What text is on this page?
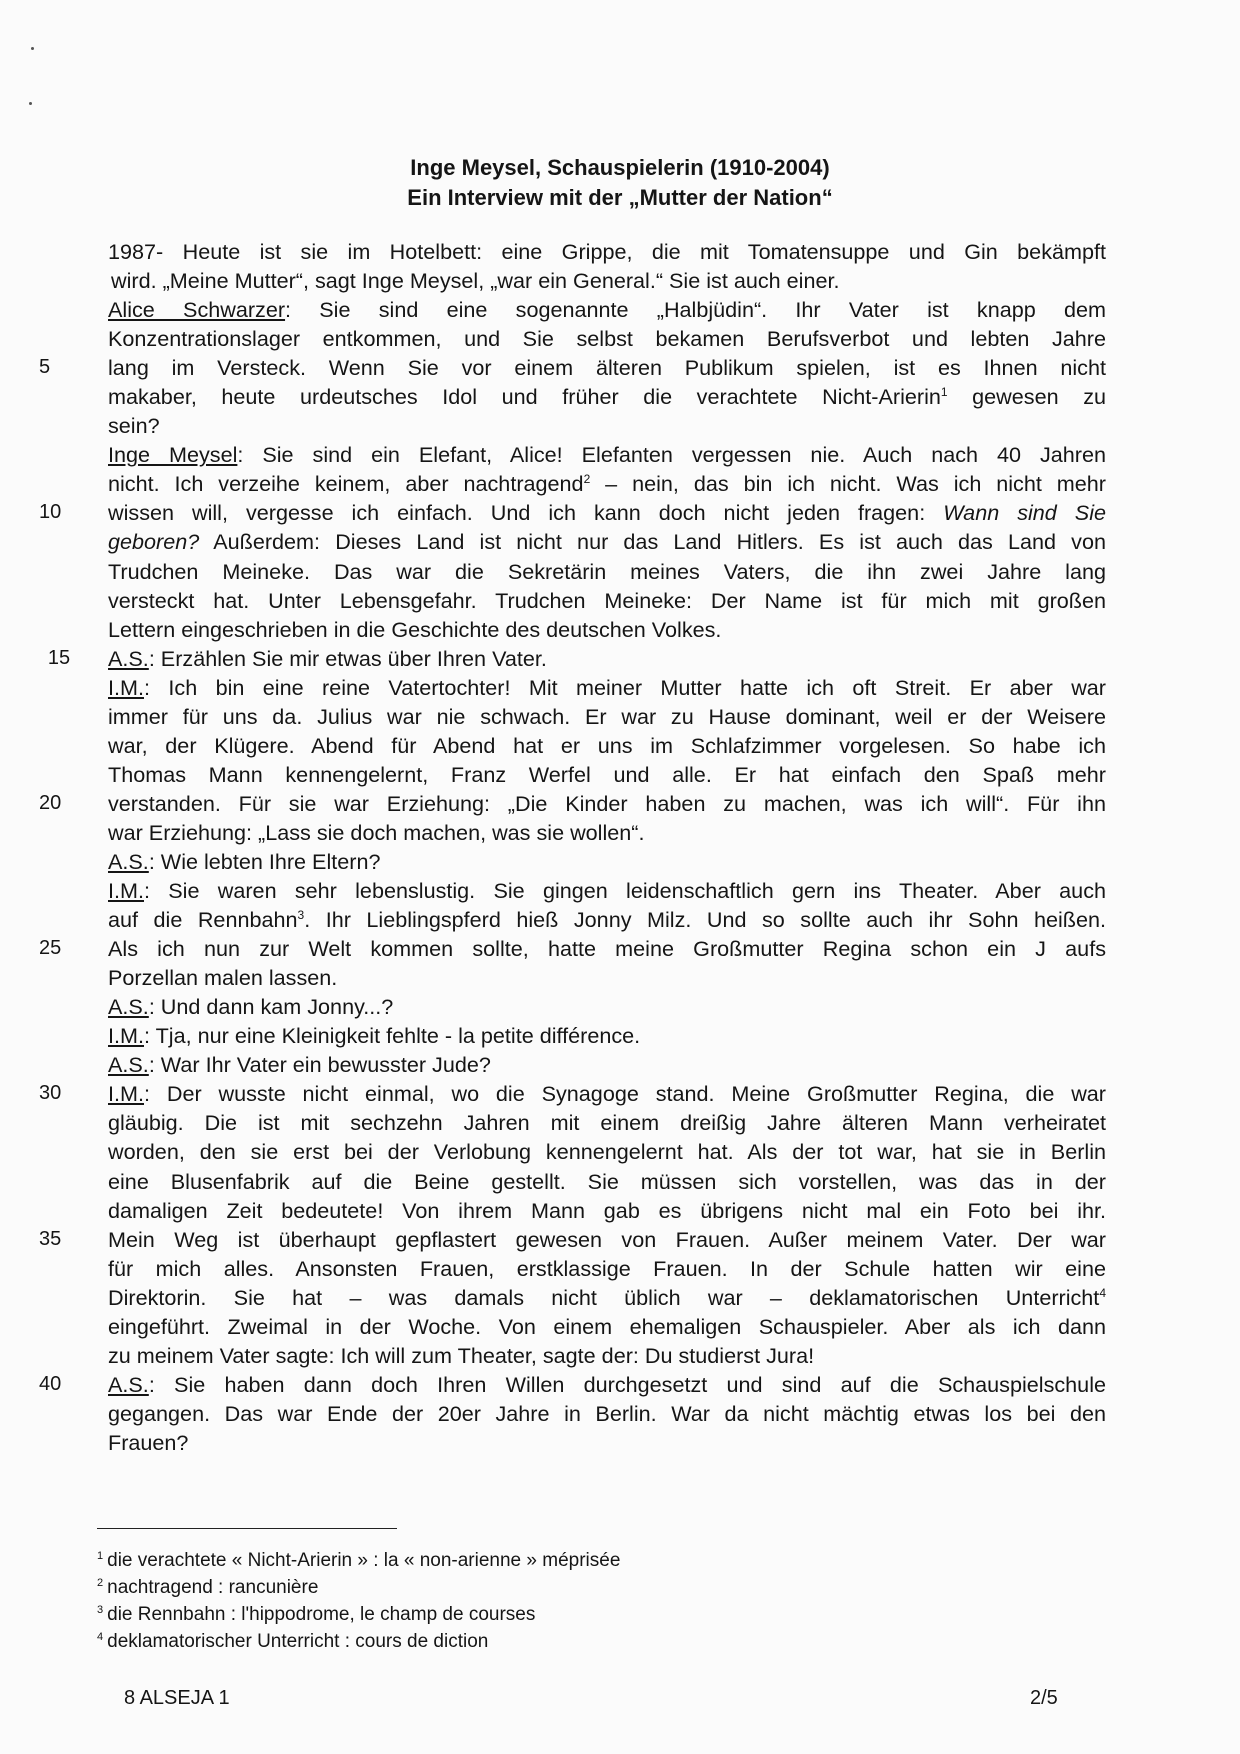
Inge Meysel, Schauspielerin (1910-2004)
Ein Interview mit der „Mutter der Nation“
1987- Heute ist sie im Hotelbett: eine Grippe, die mit Tomatensuppe und Gin bekämpft
wird. „Meine Mutter“, sagt Inge Meysel, „war ein General.“ Sie ist auch einer.
Alice Schwarzer: Sie sind eine sogenannte „Halbjüdin“. Ihr Vater ist knapp dem
Konzentrationslager entkommen, und Sie selbst bekamen Berufsverbot und lebten Jahre
5	lang im Versteck. Wenn Sie vor einem älteren Publikum spielen, ist es Ihnen nicht
makaber, heute urdeutsches Idol und früher die verachtete Nicht-Arierin$^1$ gewesen zu
sein?
Inge Meysel: Sie sind ein Elefant, Alice! Elefanten vergessen nie. Auch nach 40 Jahren
nicht. Ich verzeihe keinem, aber nachtragend$^2$ – nein, das bin ich nicht. Was ich nicht mehr
10	wissen will, vergesse ich einfach. Und ich kann doch nicht jeden fragen: Wann sind Sie
geboren? Außerdem: Dieses Land ist nicht nur das Land Hitlers. Es ist auch das Land von
Trudchen Meineke. Das war die Sekretärin meines Vaters, die ihn zwei Jahre lang
versteckt hat. Unter Lebensgefahr. Trudchen Meineke: Der Name ist für mich mit großen
Lettern eingeschrieben in die Geschichte des deutschen Volkes.
15	A.S.: Erzählen Sie mir etwas über Ihren Vater.
I.M.: Ich bin eine reine Vatertochter! Mit meiner Mutter hatte ich oft Streit. Er aber war
immer für uns da. Julius war nie schwach. Er war zu Hause dominant, weil er der Weisere
war, der Klügere. Abend für Abend hat er uns im Schlafzimmer vorgelesen. So habe ich
Thomas Mann kennengelernt, Franz Werfel und alle. Er hat einfach den Spaß mehr
20	verstanden. Für sie war Erziehung: „Die Kinder haben zu machen, was ich will“. Für ihn
war Erziehung: „Lass sie doch machen, was sie wollen“.
A.S.: Wie lebten Ihre Eltern?
I.M.: Sie waren sehr lebenslustig. Sie gingen leidenschaftlich gern ins Theater. Aber auch
auf die Rennbahn$^3$. Ihr Lieblingspferd hieß Jonny Milz. Und so sollte auch ihr Sohn heißen.
25	Als ich nun zur Welt kommen sollte, hatte meine Großmutter Regina schon ein J aufs
Porzellan malen lassen.
A.S.: Und dann kam Jonny...?
I.M.: Tja, nur eine Kleinigkeit fehlte - la petite différence.
A.S.: War Ihr Vater ein bewusster Jude?
30	I.M.: Der wusste nicht einmal, wo die Synagoge stand. Meine Großmutter Regina, die war
gläubig. Die ist mit sechzehn Jahren mit einem dreißig Jahre älteren Mann verheiratet
worden, den sie erst bei der Verlobung kennengelernt hat. Als der tot war, hat sie in Berlin
eine Blusenfabrik auf die Beine gestellt. Sie müssen sich vorstellen, was das in der
damaligen Zeit bedeutete! Von ihrem Mann gab es übrigens nicht mal ein Foto bei ihr.
35	Mein Weg ist überhaupt gepflastert gewesen von Frauen. Außer meinem Vater. Der war
für mich alles. Ansonsten Frauen, erstklassige Frauen. In der Schule hatten wir eine
Direktorin. Sie hat – was damals nicht üblich war – deklamatorischen Unterricht$^4$
eingeführt. Zweimal in der Woche. Von einem ehemaligen Schauspieler. Aber als ich dann
zu meinem Vater sagte: Ich will zum Theater, sagte der: Du studierst Jura!
40	A.S.: Sie haben dann doch Ihren Willen durchgesetzt und sind auf die Schauspielschule
gegangen. Das war Ende der 20er Jahre in Berlin. War da nicht mächtig etwas los bei den
Frauen?
$^1$ die verachtete « Nicht-Arierin » : la « non-arienne » méprisée
$^2$ nachtragend : rancunière
$^3$ die Rennbahn : l'hippodrome, le champ de courses
$^4$ deklamatorischer Unterricht : cours de diction
8 ALSEJA 1	2/5
